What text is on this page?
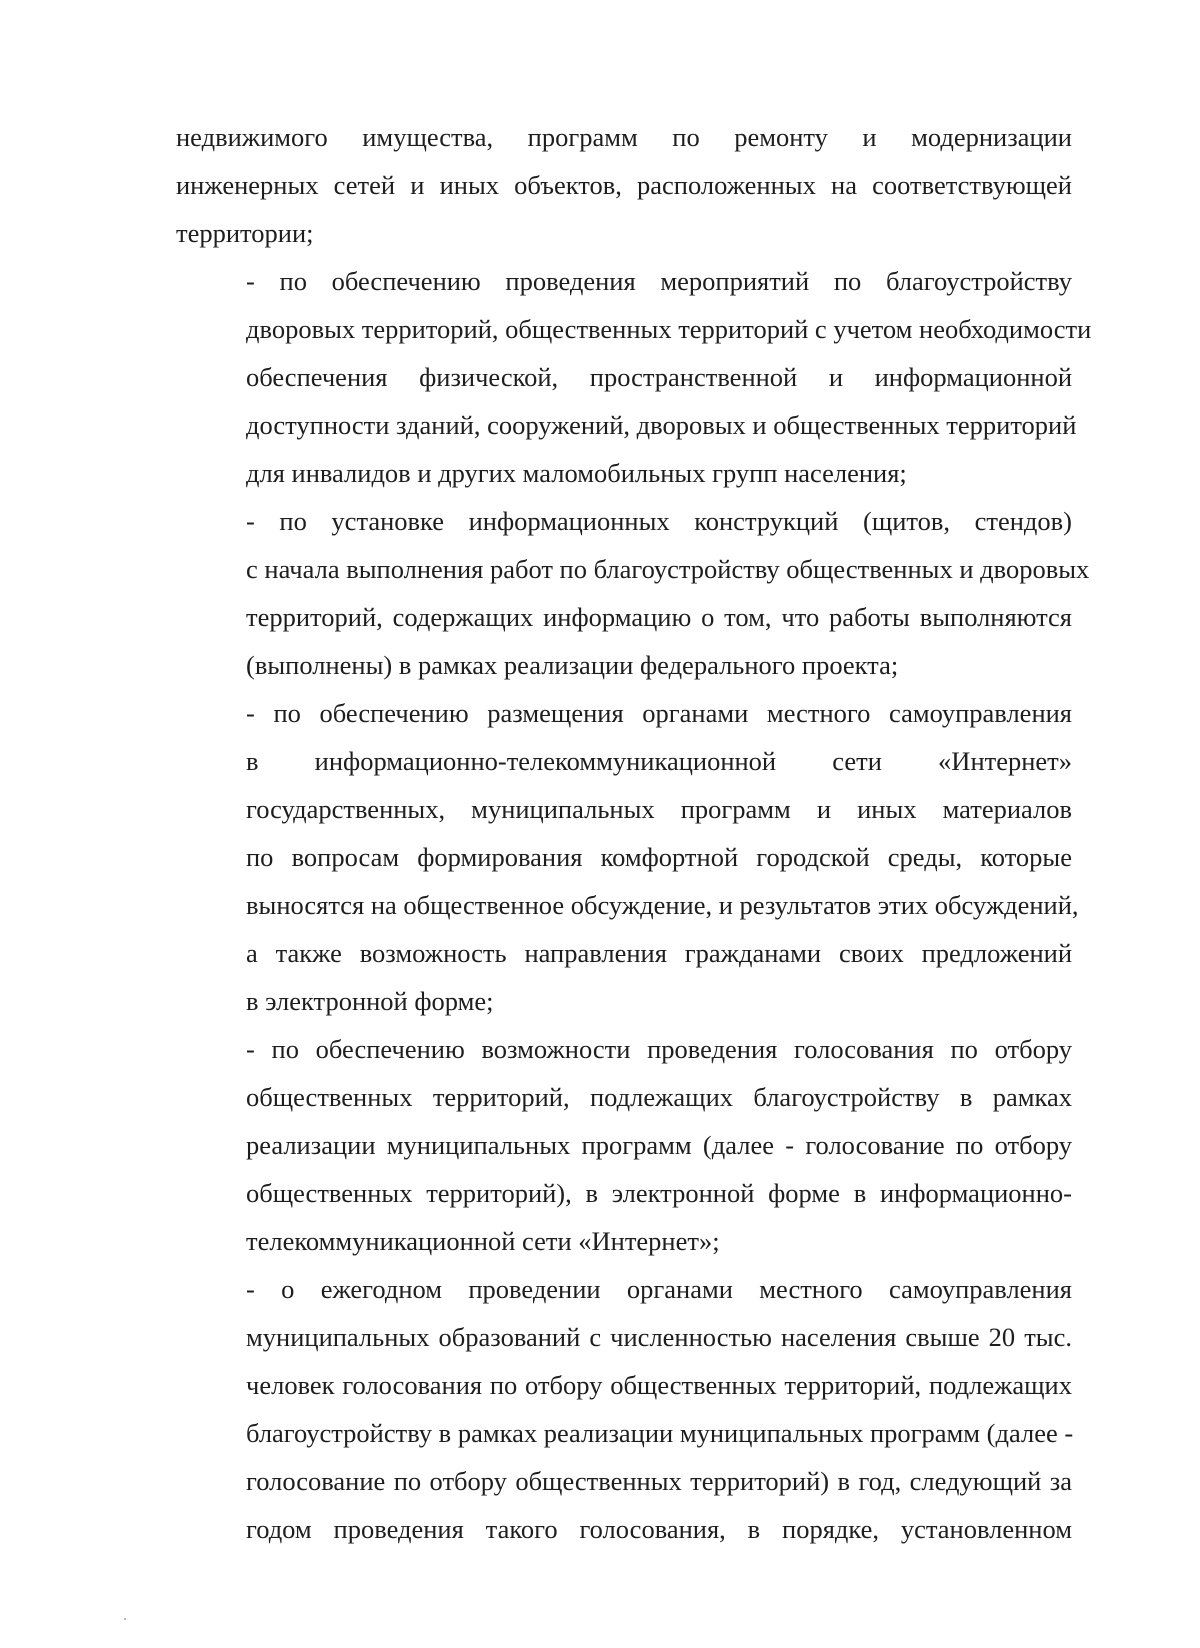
недвижимого имущества, программ по ремонту и модернизации
инженерных сетей и иных объектов, расположенных на соответствующей
территории;

- по обеспечению проведения мероприятий по благоустройству
дворовых территорий, общественных территорий с учетом необходимости
обеспечения физической, пространственной и информационной
доступности зданий, сооружений, дворовых и общественных территорий
для инвалидов и других маломобильных групп населения;

- по установке информационных конструкций (щитов, стендов)
с начала выполнения работ по благоустройству общественных и дворовых
территорий, содержащих информацию о том, что работы выполняются
(выполнены) в рамках реализации федерального проекта;

- по обеспечению размещения органами местного самоуправления
в информационно-телекоммуникационной сети «Интернет»
государственных, муниципальных программ и иных материалов
по вопросам формирования комфортной городской среды, которые
выносятся на общественное обсуждение, и результатов этих обсуждений,
а также возможность направления гражданами своих предложений
в электронной форме;

- по обеспечению возможности проведения голосования по отбору
общественных территорий, подлежащих благоустройству в рамках
реализации муниципальных программ (далее - голосование по отбору
общественных территорий), в электронной форме в информационно-
телекоммуникационной сети «Интернет»;

- о ежегодном проведении органами местного самоуправления
муниципальных образований с численностью населения свыше 20 тыс.
человек голосования по отбору общественных территорий, подлежащих
благоустройству в рамках реализации муниципальных программ (далее -
голосование по отбору общественных территорий) в год, следующий за
годом проведения такого голосования, в порядке, установленном
